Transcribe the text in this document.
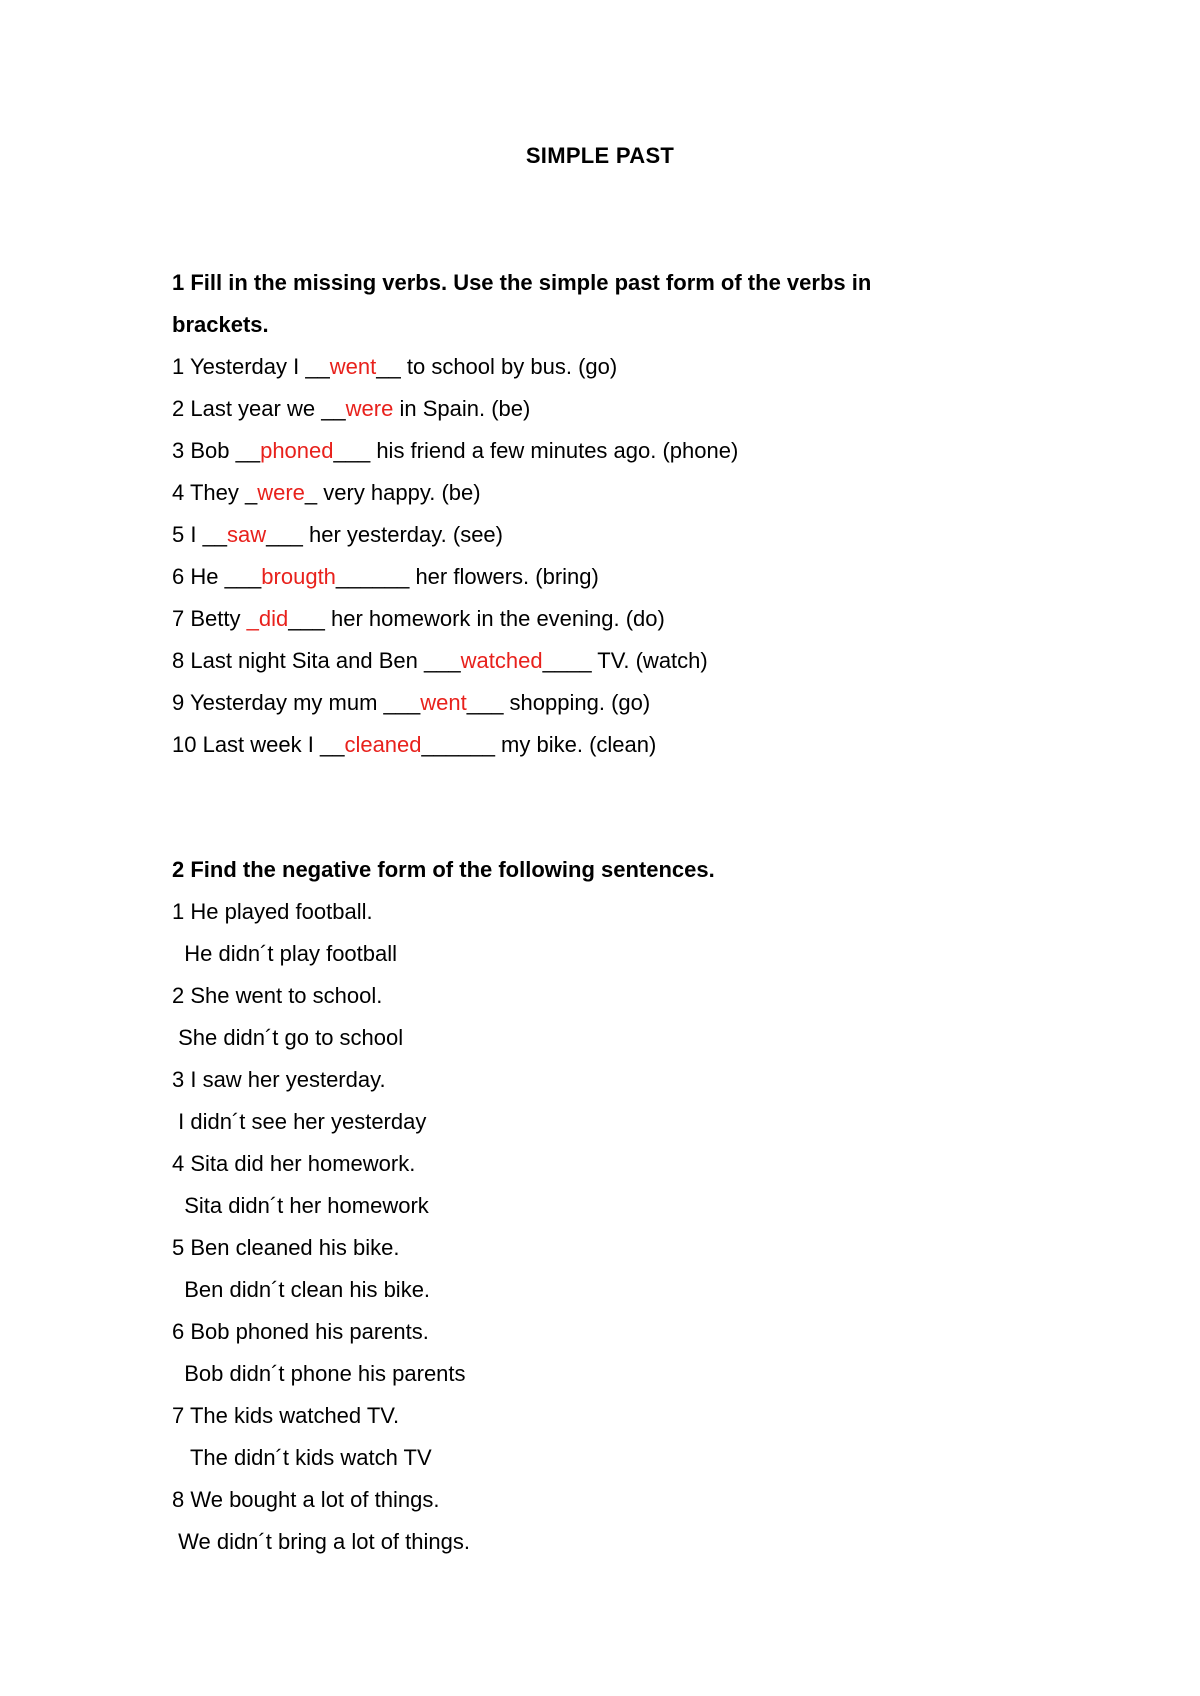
SIMPLE PAST
1 Fill in the missing verbs. Use the simple past form of the verbs in
brackets.
1 Yesterday I __went__ to school by bus. (go)
2 Last year we __were in Spain. (be)
3 Bob __phoned___ his friend a few minutes ago. (phone)
4 They _were_ very happy. (be)
5 I __saw___ her yesterday. (see)
6 He ___brougth______ her flowers. (bring)
7 Betty _did___ her homework in the evening. (do)
8 Last night Sita and Ben ___watched____ TV. (watch)
9 Yesterday my mum ___went___ shopping. (go)
10 Last week I __cleaned______ my bike. (clean)
2 Find the negative form of the following sentences.
1 He played football.
He didn´t play football
2 She went to school.
She didn´t go to school
3 I saw her yesterday.
I didn´t see her yesterday
4 Sita did her homework.
Sita didn´t her homework
5 Ben cleaned his bike.
Ben didn´t clean his bike.
6 Bob phoned his parents.
Bob didn´t phone his parents
7 The kids watched TV.
The didn´t kids watch TV
8 We bought a lot of things.
We didn´t bring a lot of things.
